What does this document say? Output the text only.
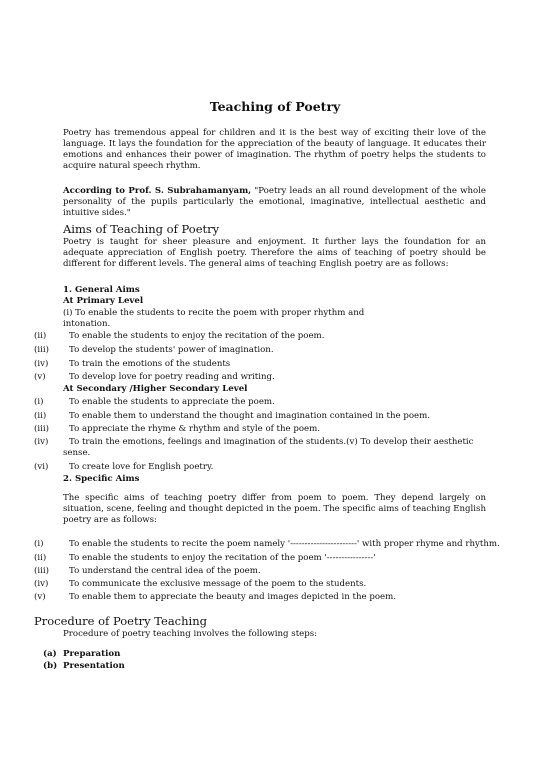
Teaching of Poetry
Poetry has tremendous appeal for children and it is the best way of exciting their love of the language. It lays the foundation for the appreciation of the beauty of language. It educates their emotions and enhances their power of imagination. The rhythm of poetry helps the students to acquire natural speech rhythm.
According to Prof. S. Subrahamanyam, "Poetry leads an all round development of the whole personality of the pupils particularly the emotional, imaginative, intellectual aesthetic and intuitive sides."
Aims of Teaching of Poetry
Poetry is taught for sheer pleasure and enjoyment. It further lays the foundation for an adequate appreciation of English poetry. Therefore the aims of teaching of poetry should be different for different levels. The general aims of teaching English poetry are as follows:
1. General Aims
At Primary Level
(i) To enable the students to recite the poem with proper rhythm and
intonation.
(ii)	To enable the students to enjoy the recitation of the poem.
(iii) To develop the students' power of imagination.
(iv) To train the emotions of the students
(v)	To develop love for poetry reading and writing.
At Secondary /Higher Secondary Level
(i)	To enable the students to appreciate the poem.
(ii)	To enable them to understand the thought and imagination contained in the poem.
(iii) To appreciate the rhyme & rhythm and style of the poem.
(iv) To train the emotions, feelings and imagination of the students.(v) To develop their aesthetic
sense.
(vi) To create love for English poetry.
2. Specific Aims
The specific aims of teaching poetry differ from poem to poem. They depend largely on situation, scene, feeling and thought depicted in the poem. The specific aims of teaching English poetry are as follows:
(i)	To enable the students to recite the poem namely '-----------------------' with proper rhyme and rhythm.
(ii)	To enable the students to enjoy the recitation of the poem '----------------'
(iii) To understand the central idea of the poem.
(iv) To communicate the exclusive message of the poem to the students.
(v)	To enable them to appreciate the beauty and images depicted in the poem.
Procedure of Poetry Teaching
Procedure of poetry teaching involves the following steps:
(a) Preparation
(b) Presentation
